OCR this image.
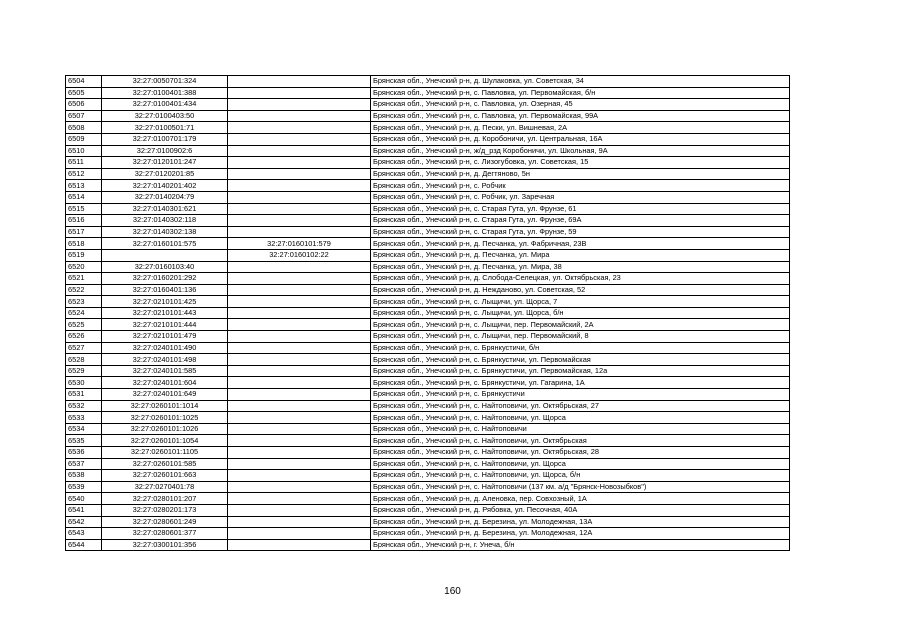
6504	32:27:0050701:324		Брянская обл., Унечский р-н, д. Шулаковка, ул. Советская, 34
6505	32:27:0100401:388		Брянская обл., Унечский р-н, с. Павловка, ул. Первомайская, б/н
6506	32:27:0100401:434		Брянская обл., Унечский р-н, с. Павловка, ул. Озерная, 45
6507	32:27:0100403:50		Брянская обл., Унечский р-н, с. Павловка, ул. Первомайская, 99А
6508	32:27:0100501:71		Брянская обл., Унечский р-н, д. Пески, ул. Вишневая, 2А
6509	32:27:0100701:179		Брянская обл., Унечский р-н, д. Коробоничи, ул. Центральная, 16А
6510	32:27:0100902:6		Брянская обл., Унечский р-н, ж/д_рзд Коробоничи, ул. Школьная, 9А
6511	32:27:0120101:247		Брянская обл., Унечский р-н, с. Лизогубовка, ул. Советская, 15
6512	32:27:0120201:85		Брянская обл., Унечский р-н, д. Дегтяново, 5н
6513	32:27:0140201:402		Брянская обл., Унечский р-н, с. Робчик
6514	32:27:0140204:79		Брянская обл., Унечский р-н, с. Робчик, ул. Заречная
6515	32:27:0140301:621		Брянская обл., Унечский р-н, с. Старая Гута, ул. Фрунзе, 61
6516	32:27:0140302:118		Брянская обл., Унечский р-н, с. Старая Гута, ул. Фрунзе, 69А
6517	32:27:0140302:138		Брянская обл., Унечский р-н, с. Старая Гута, ул. Фрунзе, 59
6518	32:27:0160101:575	32:27:0160101:579	Брянская обл., Унечский р-н, д. Песчанка, ул. Фабричная, 23В
6519		32:27:0160102:22	Брянская обл., Унечский р-н, д. Песчанка, ул. Мира
6520	32:27:0160103:40		Брянская обл., Унечский р-н, д. Песчанка, ул. Мира, 38
6521	32:27:0160201:292		Брянская обл., Унечский р-н, д. Слобода-Селецкая, ул. Октябрьская, 23
6522	32:27:0160401:136		Брянская обл., Унечский р-н, д. Нежданово, ул. Советская, 52
6523	32:27:0210101:425		Брянская обл., Унечский р-н, с. Лыщичи, ул. Щорса, 7
6524	32:27:0210101:443		Брянская обл., Унечский р-н, с. Лыщичи, ул. Щорса, б/н
6525	32:27:0210101:444		Брянская обл., Унечский р-н, с. Лыщичи, пер. Первомайский, 2А
6526	32:27:0210101:479		Брянская обл., Унечский р-н, с. Лыщичи, пер. Первомайский, 8
6527	32:27:0240101:490		Брянская обл., Унечский р-н, с. Брянкустичи, б/н
6528	32:27:0240101:498		Брянская обл., Унечский р-н, с. Брянкустичи, ул. Первомайская
6529	32:27:0240101:585		Брянская обл., Унечский р-н, с. Брянкустичи, ул. Первомайская, 12а
6530	32:27:0240101:604		Брянская обл., Унечский р-н, с. Брянкустичи, ул. Гагарина, 1А
6531	32:27:0240101:649		Брянская обл., Унечский р-н, с. Брянкустичи
6532	32:27:0260101:1014		Брянская обл., Унечский р-н, с. Найтоповичи, ул. Октябрьская, 27
6533	32:27:0260101:1025		Брянская обл., Унечский р-н, с. Найтоповичи, ул. Щорса
6534	32:27:0260101:1026		Брянская обл., Унечский р-н, с. Найтоповичи
6535	32:27:0260101:1054		Брянская обл., Унечский р-н, с. Найтоповичи, ул. Октябрьская
6536	32:27:0260101:1105		Брянская обл., Унечский р-н, с. Найтоповичи, ул. Октябрьская, 28
6537	32:27:0260101:585		Брянская обл., Унечский р-н, с. Найтоповичи, ул. Щорса
6538	32:27:0260101:663		Брянская обл., Унечский р-н, с. Найтоповичи, ул. Щорса, б/н
6539	32:27:0270401:78		Брянская обл., Унечский р-н, с. Найтоповичи (137 км. а/д "Брянск-Новозыбков")
6540	32:27:0280101:207		Брянская обл., Унечский р-н, д. Аленовка, пер. Совхозный, 1А
6541	32:27:0280201:173		Брянская обл., Унечский р-н, д. Рябовка, ул. Песочная, 40А
6542	32:27:0280601:249		Брянская обл., Унечский р-н, д. Березина, ул. Молодежная, 13А
6543	32:27:0280601:377		Брянская обл., Унечский р-н, д. Березина, ул. Молодежная, 12А
6544	32:27:0300101:356		Брянская обл., Унечский р-н, г. Унеча, б/н
160
